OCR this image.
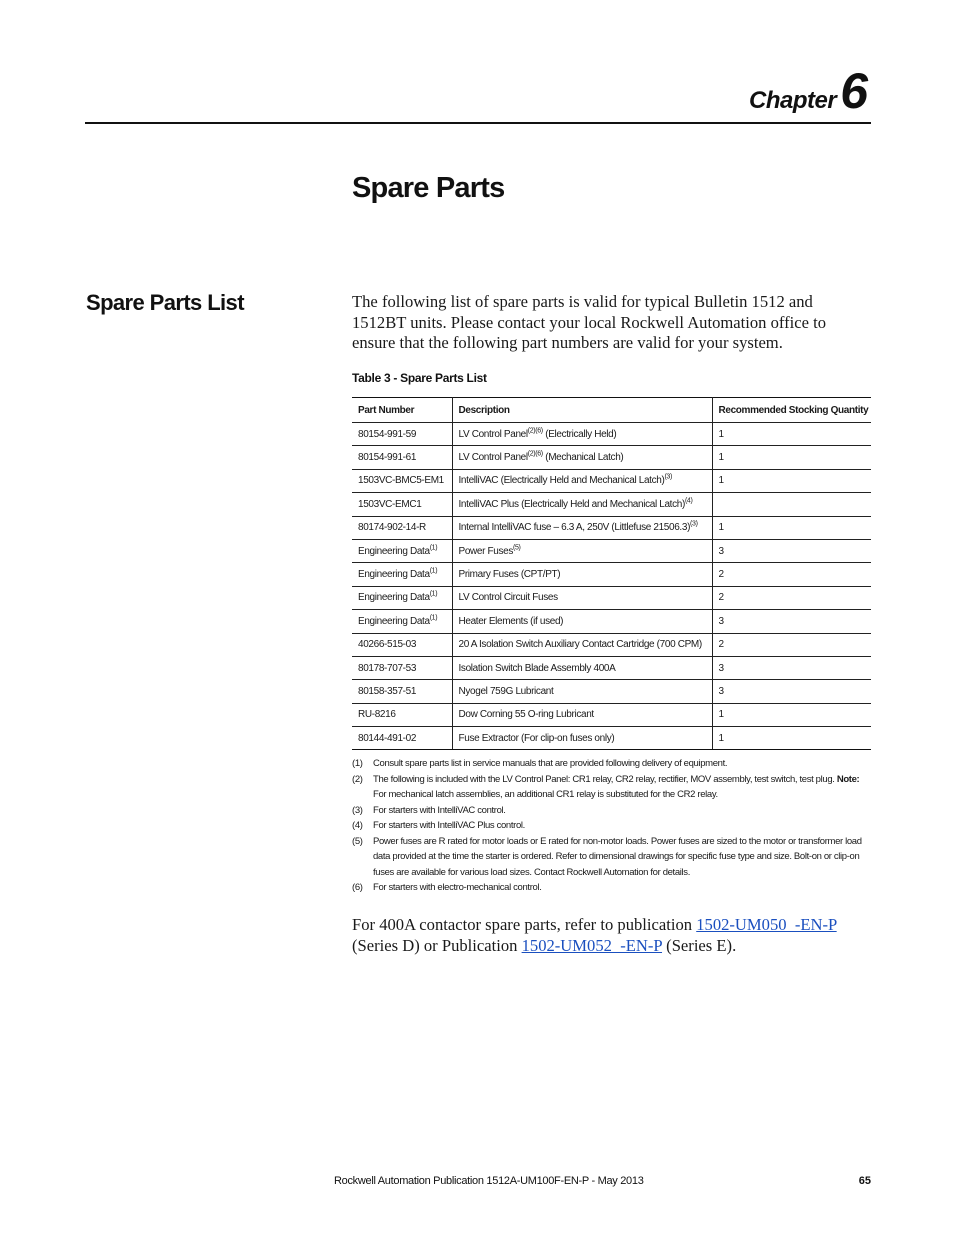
Chapter6
Spare Parts
Spare Parts List	The following list of spare parts is valid for typical Bulletin 1512 and 1512BT units. Please contact your local Rockwell Automation office to ensure that the following part numbers are valid for your system.

Table 3 - Spare Parts List

Part Number	Description	Recommended Stocking Quantity
80154-991-59	LV Control Panel$^{(2)(6)}$ (Electrically Held)	1
80154-991-61	LV Control Panel$^{(2)(6)}$ (Mechanical Latch)	1
1503VC-BMC5-EM1	IntelliVAC (Electrically Held and Mechanical Latch)$^{(3)}$	1
1503VC-EMC1	IntelliVAC Plus (Electrically Held and Mechanical Latch)$^{(4)}$	
80174-902-14-R	Internal IntelliVAC fuse – 6.3 A, 250V (Littlefuse 21506.3)$^{(3)}$	1
Engineering Data$^{(1)}$	Power Fuses$^{(5)}$	3
Engineering Data$^{(1)}$	Primary Fuses (CPT/PT)	2
Engineering Data$^{(1)}$	LV Control Circuit Fuses	2
Engineering Data$^{(1)}$	Heater Elements (if used)	3
40266-515-03	20 A Isolation Switch Auxiliary Contact Cartridge (700 CPM)	2
80178-707-53	Isolation Switch Blade Assembly 400A	3
80158-357-51	Nyogel 759G Lubricant	3
RU-8216	Dow Corning 55 O-ring Lubricant	1
80144-491-02	Fuse Extractor (For clip-on fuses only)	1
(1) Consult spare parts list in service manuals that are provided following delivery of equipment.
(2) The following is included with the LV Control Panel: CR1 relay, CR2 relay, rectifier, MOV assembly, test switch, test plug. Note: For mechanical latch assemblies, an additional CR1 relay is substituted for the CR2 relay.
(3) For starters with IntelliVAC control.
(4) For starters with IntelliVAC Plus control.
(5) Power fuses are R rated for motor loads or E rated for non-motor loads. Power fuses are sized to the motor or transformer load data provided at the time the starter is ordered. Refer to dimensional drawings for specific fuse type and size. Bolt-on or clip-on fuses are available for various load sizes. Contact Rockwell Automation for details.
(6) For starters with electro-mechanical control.

For 400A contactor spare parts, refer to publication 1502-UM050_-EN-P (Series D) or Publication 1502-UM052_-EN-P (Series E).

Rockwell Automation Publication 1512A-UM100F-EN-P - May 2013	65
